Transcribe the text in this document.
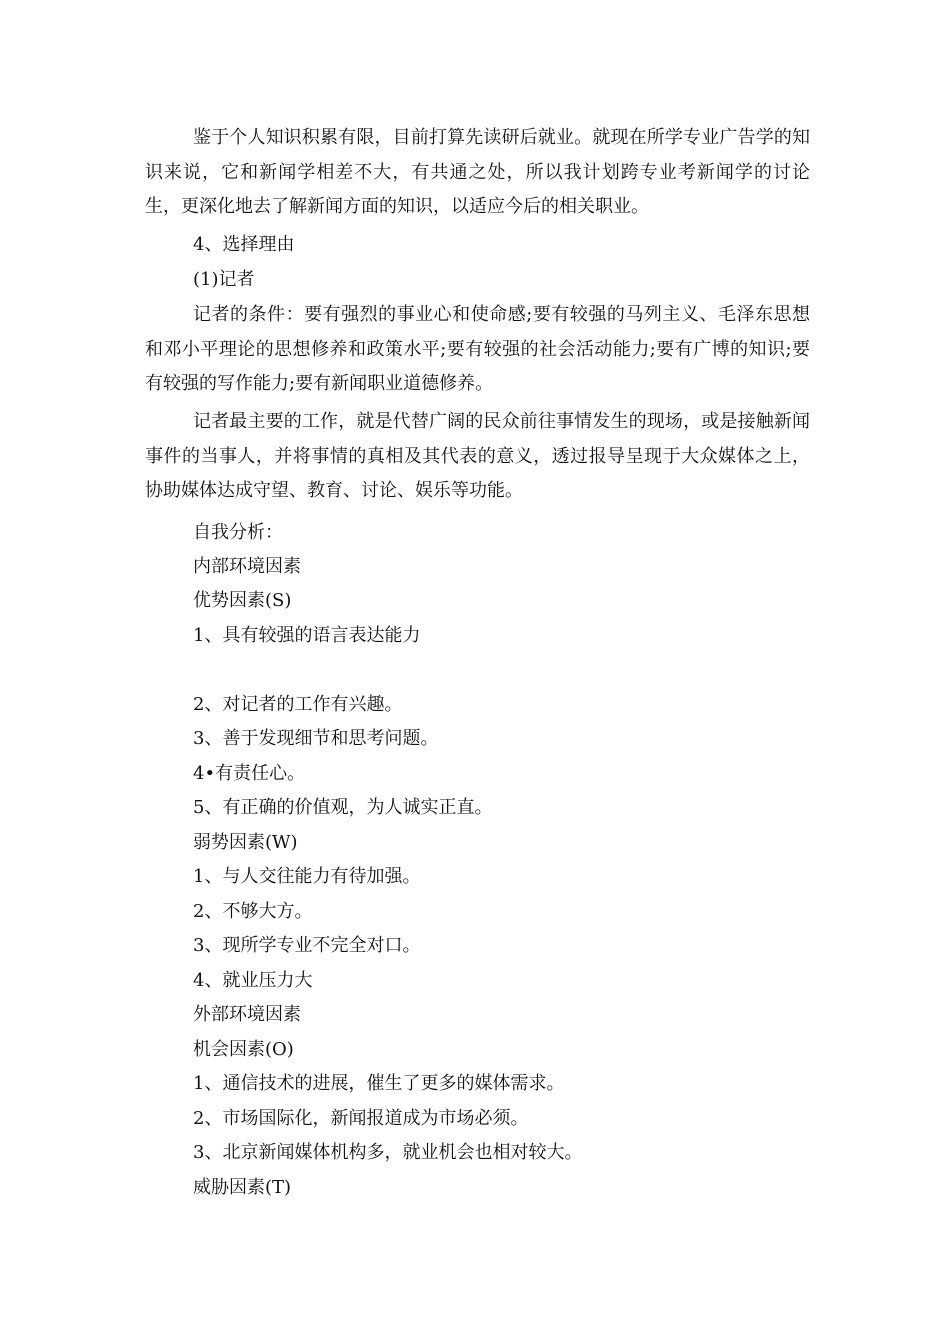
鉴于个人知识积累有限，目前打算先读研后就业。就现在所学专业广告学的知识来说，它和新闻学相差不大，有共通之处，所以我计划跨专业考新闻学的讨论生，更深化地去了解新闻方面的知识，以适应今后的相关职业。

4、选择理由

(1)记者

记者的条件：要有强烈的事业心和使命感;要有较强的马列主义、毛泽东思想和邓小平理论的思想修养和政策水平;要有较强的社会活动能力;要有广博的知识;要有较强的写作能力;要有新闻职业道德修养。

记者最主要的工作，就是代替广阔的民众前往事情发生的现场，或是接触新闻事件的当事人，并将事情的真相及其代表的意义，透过报导呈现于大众媒体之上，协助媒体达成守望、教育、讨论、娱乐等功能。

自我分析：

内部环境因素

优势因素(S)

1、具有较强的语言表达能力

2、对记者的工作有兴趣。

3、善于发现细节和思考问题。

4•有责任心。

5、有正确的价值观，为人诚实正直。

弱势因素(W)

1、与人交往能力有待加强。

2、不够大方。

3、现所学专业不完全对口。

4、就业压力大

外部环境因素

机会因素(O)

1、通信技术的进展，催生了更多的媒体需求。

2、市场国际化，新闻报道成为市场必须。

3、北京新闻媒体机构多，就业机会也相对较大。

威胁因素(T)
